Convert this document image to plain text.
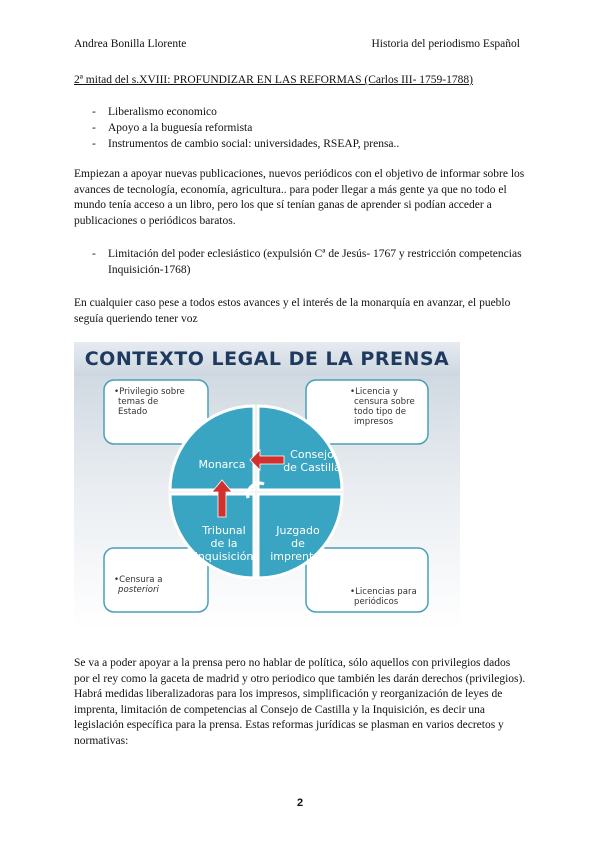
Andrea Bonilla Llorente	Historia del periodismo Español
2ª mitad del s.XVIII: PROFUNDIZAR EN LAS REFORMAS (Carlos III- 1759-1788)
- Liberalismo economico
- Apoyo a la buguesía reformista
- Instrumentos de cambio social: universidades, RSEAP, prensa..

Empiezan a apoyar nuevas publicaciones, nuevos periódicos con el objetivo de informar sobre los avances de tecnología, economía, agricultura.. para poder llegar a más gente ya que no todo el mundo tenía acceso a un libro, pero los que sí tenían ganas de aprender si podían acceder a publicaciones o periódicos baratos.

- Limitación del poder eclesiástico (expulsión Cª de Jesús- 1767 y restricción competencias Inquisición-1768)

En cualquier caso pese a todos estos avances y el interés de la monarquía en avanzar, el pueblo seguía queriendo tener voz

•Privilegio sobre
temas de
Estado
•Licencia y
censura sobre
todo tipo de
impresos
•Censura a
posteriori	•Licencias para
periódicos
Monarca
Consejo
de Castilla
Tribunal
de la
Inquisición
Juzgado
de
imprentas
CONTEXTO LEGAL DE LA PRENSA

Se va a poder apoyar a la prensa pero no hablar de política, sólo aquellos con privilegios dados por el rey como la gaceta de madrid y otro periodico que también les darán derechos (privilegios). Habrá medidas liberalizadoras para los impresos, simplificación y reorganización de leyes de imprenta, limitación de competencias al Consejo de Castilla y la Inquisición, es decir una legislación específica para la prensa. Estas reformas jurídicas se plasman en varios decretos y normativas:

2
